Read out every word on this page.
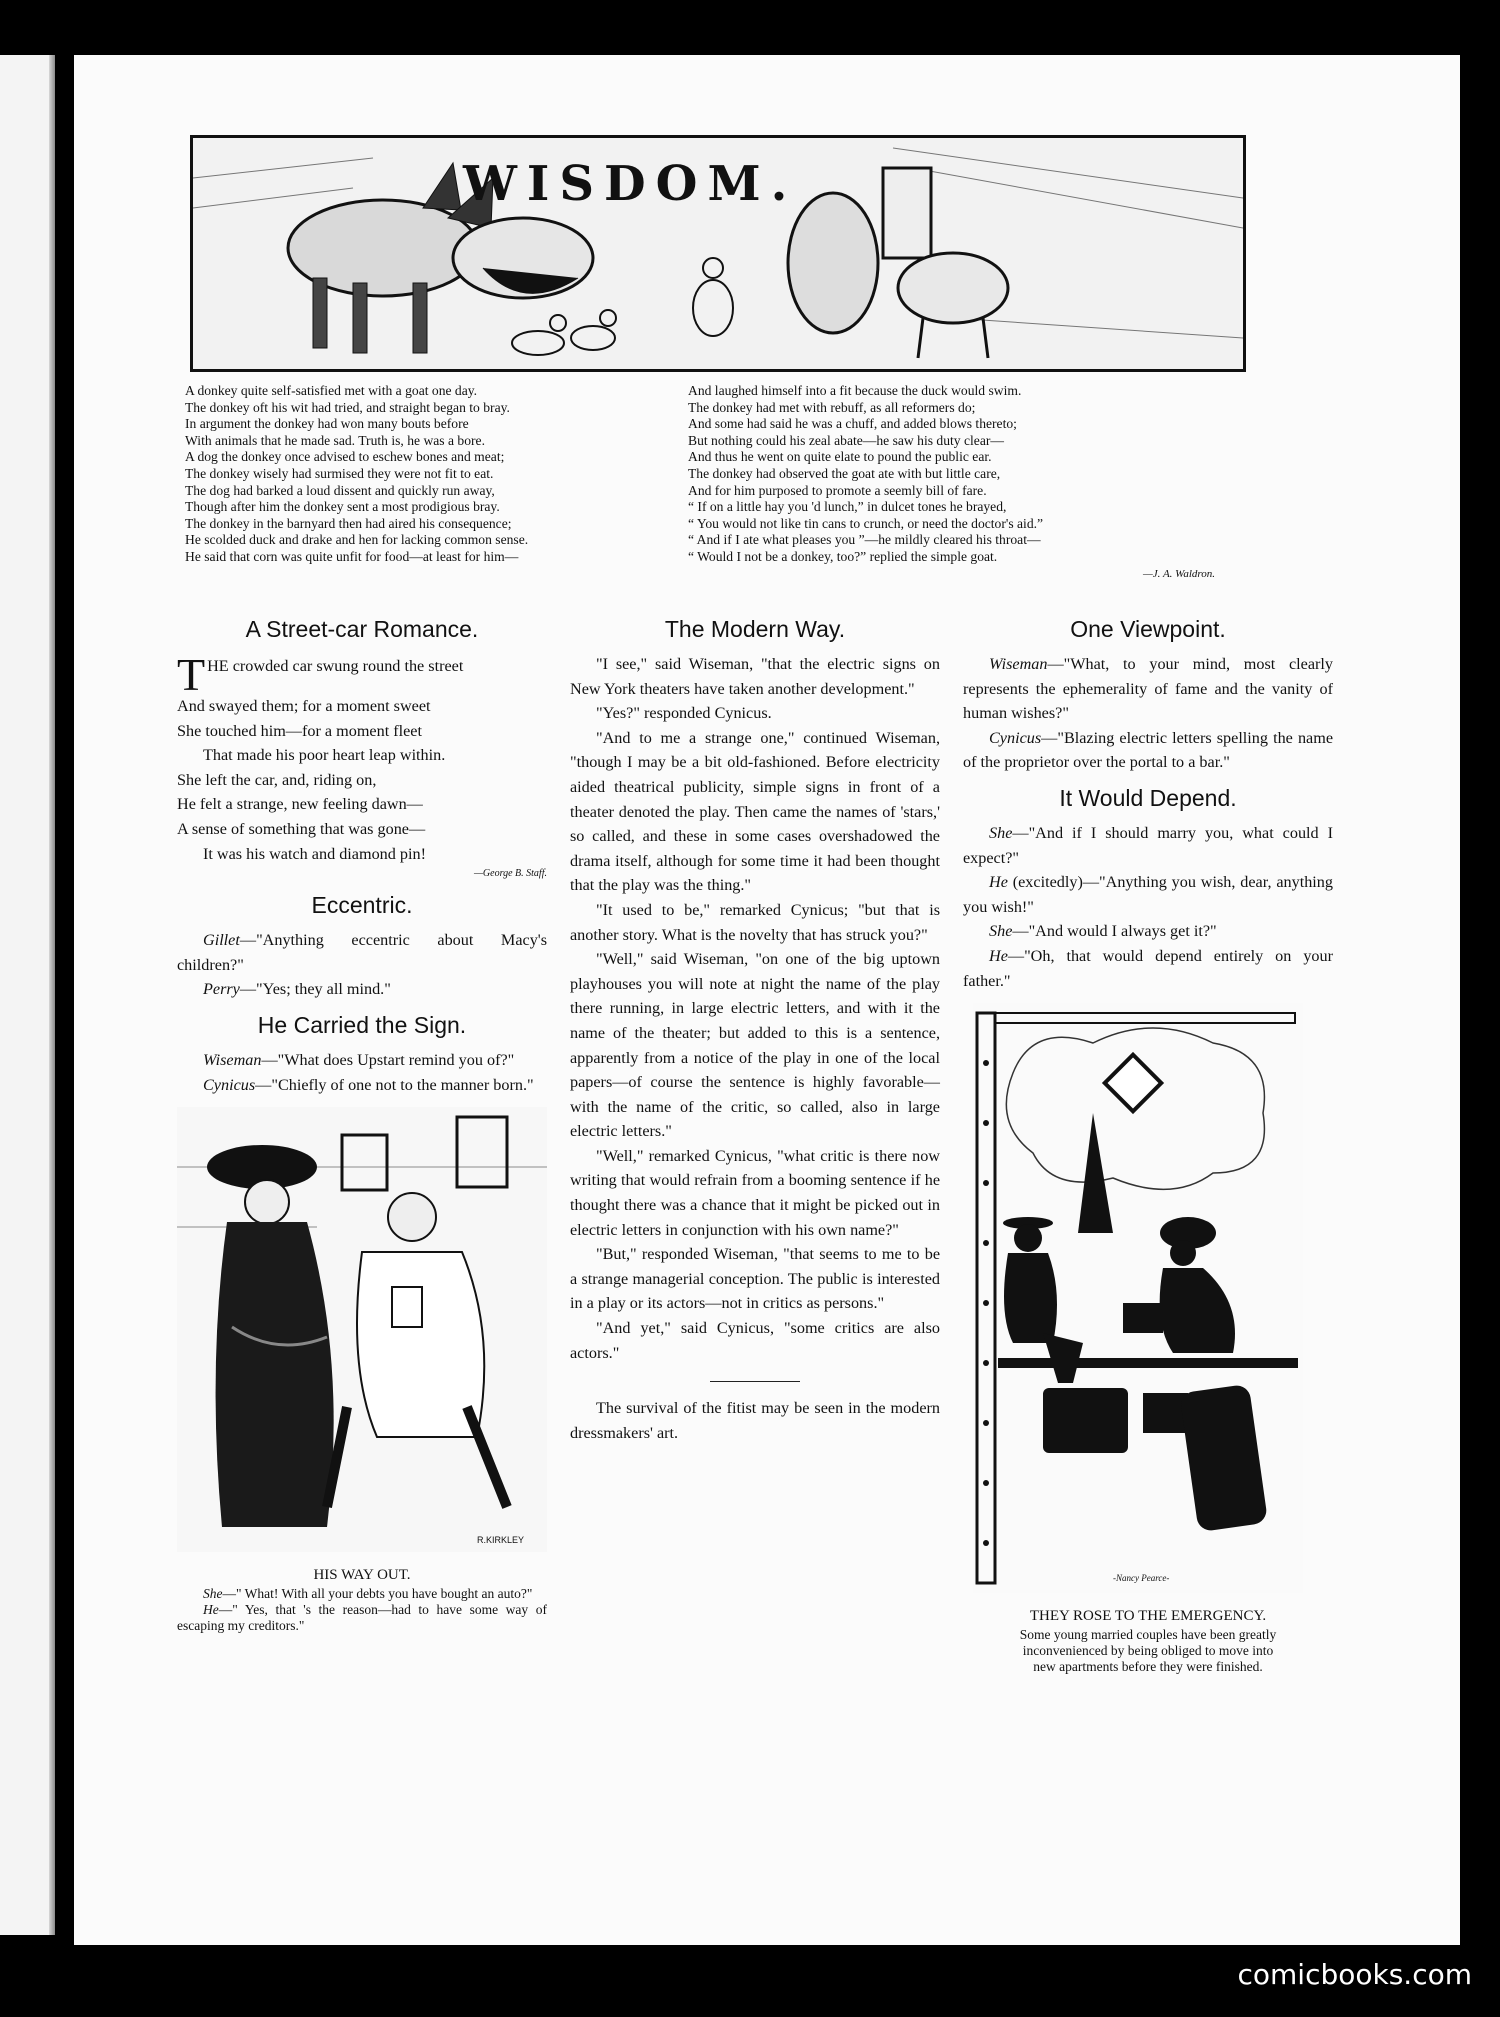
WISDOM.
A donkey quite self-satisfied met with a goat one day.
The donkey oft his wit had tried, and straight began to bray.
In argument the donkey had won many bouts before
With animals that he made sad. Truth is, he was a bore.
A dog the donkey once advised to eschew bones and meat;
The donkey wisely had surmised they were not fit to eat.
The dog had barked a loud dissent and quickly run away,
Though after him the donkey sent a most prodigious bray.
The donkey in the barnyard then had aired his consequence;
He scolded duck and drake and hen for lacking common sense.
He said that corn was quite unfit for food—at least for him—
And laughed himself into a fit because the duck would swim.
The donkey had met with rebuff, as all reformers do;
And some had said he was a chuff, and added blows thereto;
But nothing could his zeal abate—he saw his duty clear—
And thus he went on quite elate to pound the public ear.
The donkey had observed the goat ate with but little care,
And for him purposed to promote a seemly bill of fare.
“ If on a little hay you 'd lunch,” in dulcet tones he brayed,
“ You would not like tin cans to crunch, or need the doctor's aid.”
“ And if I ate what pleases you ”—he mildly cleared his throat—
“ Would I not be a donkey, too?” replied the simple goat.
—J. A. Waldron.
A Street-car Romance.
T HE crowded car swung round the street
And swayed them; for a moment sweet
She touched him—for a moment fleet
That made his poor heart leap within.
She left the car, and, riding on,
He felt a strange, new feeling dawn—
A sense of something that was gone—
It was his watch and diamond pin!
—George B. Staff.
Eccentric.

Gillet—"Anything eccentric about Macy's children?"

Perry—"Yes; they all mind."

He Carried the Sign.

Wiseman—"What does Upstart remind you of?"

Cynicus—"Chiefly of one not to the manner born."

R.KIRKLEY
HIS WAY OUT.

She—" What! With all your debts you have bought an auto?"

He—" Yes, that 's the reason—had to have some way of escaping my creditors."

The Modern Way.

"I see," said Wiseman, "that the electric signs on New York theaters have taken another development."

"Yes?" responded Cynicus.

"And to me a strange one," continued Wiseman, "though I may be a bit old-fashioned. Before electricity aided theatrical publicity, simple signs in front of a theater denoted the play. Then came the names of 'stars,' so called, and these in some cases overshadowed the drama itself, although for some time it had been thought that the play was the thing."

"It used to be," remarked Cynicus; "but that is another story. What is the novelty that has struck you?"

"Well," said Wiseman, "on one of the big uptown playhouses you will note at night the name of the play there running, in large electric letters, and with it the name of the theater; but added to this is a sentence, apparently from a notice of the play in one of the local papers—of course the sentence is highly favorable—with the name of the critic, so called, also in large electric letters."

"Well," remarked Cynicus, "what critic is there now writing that would refrain from a booming sentence if he thought there was a chance that it might be picked out in electric letters in conjunction with his own name?"

"But," responded Wiseman, "that seems to me to be a strange managerial conception. The public is interested in a play or its actors—not in critics as persons."

"And yet," said Cynicus, "some critics are also actors."

The survival of the fitist may be seen in the modern dressmakers' art.

One Viewpoint.

Wiseman—"What, to your mind, most clearly represents the ephemerality of fame and the vanity of human wishes?"

Cynicus—"Blazing electric letters spelling the name of the proprietor over the portal to a bar."

It Would Depend.

She—"And if I should marry you, what could I expect?"

He (excitedly)—"Anything you wish, dear, anything you wish!"

She—"And would I always get it?"

He—"Oh, that would depend entirely on your father."

-Nancy Pearce-
THEY ROSE TO THE EMERGENCY.
Some young married couples have been greatly
inconvenienced by being obliged to move into
new apartments before they were finished.
comicbooks.com
